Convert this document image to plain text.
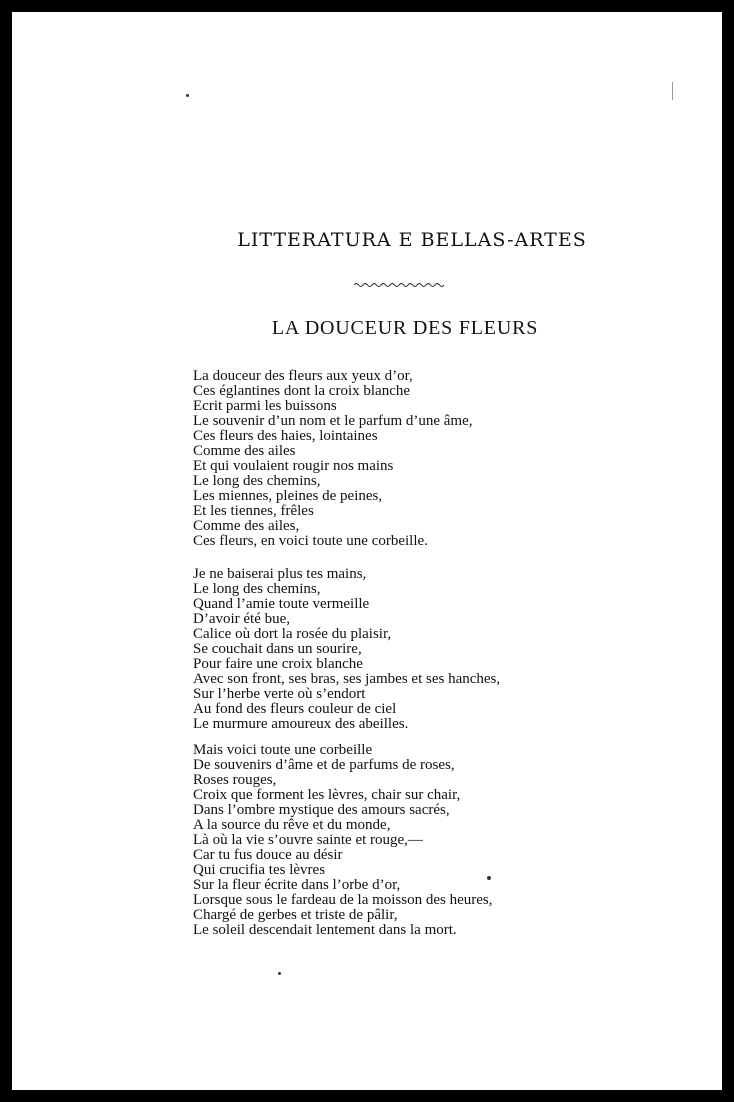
LITTERATURA E BELLAS-ARTES
LA DOUCEUR DES FLEURS
La douceur des fleurs aux yeux d’or,
Ces églantines dont la croix blanche
Ecrit parmi les buissons
Le souvenir d’un nom et le parfum d’une âme,
Ces fleurs des haies, lointaines
Comme des ailes
Et qui voulaient rougir nos mains
Le long des chemins,
Les miennes, pleines de peines,
Et les tiennes, frêles
Comme des ailes,
Ces fleurs, en voici toute une corbeille.
Je ne baiserai plus tes mains,
Le long des chemins,
Quand l’amie toute vermeille
D’avoir été bue,
Calice où dort la rosée du plaisir,
Se couchait dans un sourire,
Pour faire une croix blanche
Avec son front, ses bras, ses jambes et ses hanches,
Sur l’herbe verte où s’endort
Au fond des fleurs couleur de ciel
Le murmure amoureux des abeilles.
Mais voici toute une corbeille
De souvenirs d’âme et de parfums de roses,
Roses rouges,
Croix que forment les lèvres, chair sur chair,
Dans l’ombre mystique des amours sacrés,
A la source du rêve et du monde,
Là où la vie s’ouvre sainte et rouge,—
Car tu fus douce au désir
Qui crucifia tes lèvres
Sur la fleur écrite dans l’orbe d’or,
Lorsque sous le fardeau de la moisson des heures,
Chargé de gerbes et triste de pâlir,
Le soleil descendait lentement dans la mort.
